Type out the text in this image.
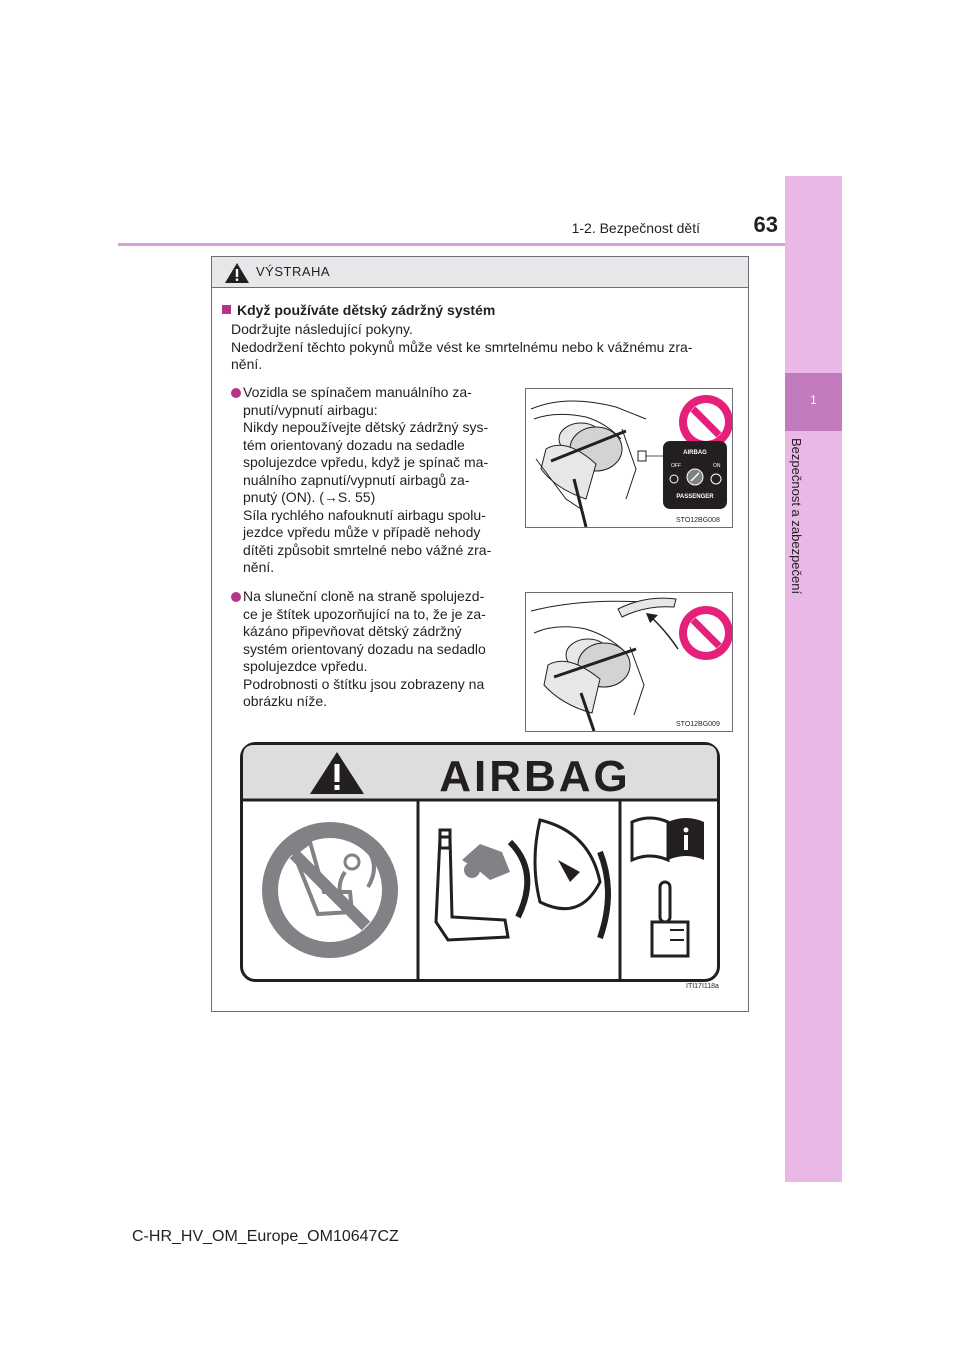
1-2. Bezpečnost dětí	63
1
Bezpečnost a zabezpečení
VÝSTRAHA
Když používáte dětský zádržný systém
Dodržujte následující pokyny.
Nedodržení těchto pokynů může vést ke smrtelnému nebo k vážnému zra-
nění.
Vozidla se spínačem manuálního za-
pnutí/vypnutí airbagu:
Nikdy nepoužívejte dětský zádržný sys-
tém orientovaný dozadu na sedadle
spolujezdce vpředu, když je spínač ma-
nuálního zapnutí/vypnutí airbagů za-
pnutý (ON). (→S. 55)
Síla rychlého nafouknutí airbagu spolu-
jezdce vpředu může v případě nehody
dítěti způsobit smrtelné nebo vážné zra-
nění.
AIRBAG
OFF	ON
PASSENGER
STO12BG008
Na sluneční cloně na straně spolujezd-
ce je štítek upozorňující na to, že je za-
kázáno připevňovat dětský zádržný
systém orientovaný dozadu na sedadlo
spolujezdce vpředu.
Podrobnosti o štítku jsou zobrazeny na
obrázku níže.
STO12BG009
AIRBAG
ITI17I118a
C-HR_HV_OM_Europe_OM10647CZ
